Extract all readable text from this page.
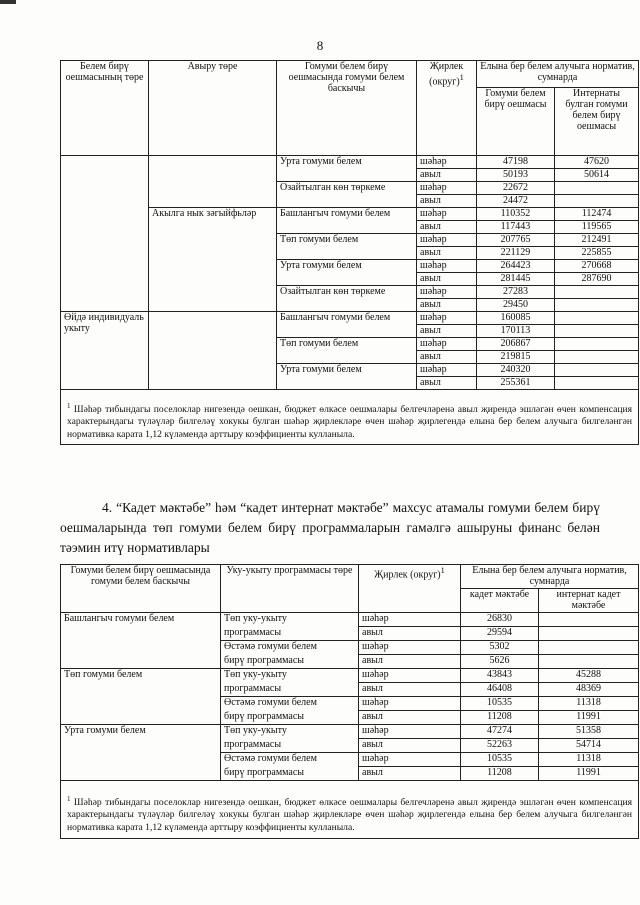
8
Белем бирү оешмасының төре	Авыру төре	Гомуми белем бирү оешмасында гомуми белем баскычы	Җирлек (округ)$^1$	Елына бер белем алучыга норматив, сумнарда	
				Гомуми белем бирү оешмасы	Интернаты булган гомуми белем бирү оешмасы
		Урта гомуми белем	шәһәр	47198	47620
			авыл	50193	50614
		Озайтылган көн төркеме	шәһәр	22672	
			авыл	24472	
	Акылга нык зәгыйфьләр	Башлангыч гомуми белем	шәһәр	110352	112474
			авыл	117443	119565
		Төп гомуми белем	шәһәр	207765	212491
			авыл	221129	225855
		Урта гомуми белем	шәһәр	264423	270668
			авыл	281445	287690
		Озайтылган көн төркеме	шәһәр	27283	
			авыл	29450	
Өйдә индивидуаль укыту		Башлангыч гомуми белем	шәһәр	160085	
			авыл	170113	
		Төп гомуми белем	шәһәр	206867	
			авыл	219815	
		Урта гомуми белем	шәһәр	240320	
			авыл	255361	

$^1$ Шәһәр тибындагы поселоклар нигезендә оешкан, бюджет өлкәсе оешмалары белгечләренә авыл җирендә эшләгән өчен компенсация характерындагы түләүләр билгеләү хокукы булган шәһәр җирлекләре өчен шәһәр җирлегендә елына бер белем алучыга билгеләнгән нормативка карата 1,12 күләмендә арттыру коэффициенты кулланыла.					
4. “Кадет мәктәбе” һәм “кадет интернат мәктәбе” махсус атамалы гомуми белем бирү оешмаларында төп гомуми белем бирү программаларын гамәлгә ашыруны финанс белән тәэмин итү нормативлары
Гомуми белем бирү оешмасында гомуми белем баскычы	Уку-укыту программасы төре	Җирлек (округ)$^1$	Елына бер белем алучыга норматив, сумнарда	
			кадет мәктәбе	интернат кадет мәктәбе
Башлангыч гомуми белем	Төп уку-укыту	шәһәр	26830	
	программасы	авыл	29594	
	Өстәмә гомуми белем	шәһәр	5302	
	бирү программасы	авыл	5626	
Төп гомуми белем	Төп уку-укыту	шәһәр	43843	45288
	программасы	авыл	46408	48369
	Өстәмә гомуми белем	шәһәр	10535	11318
	бирү программасы	авыл	11208	11991
Урта гомуми белем	Төп уку-укыту	шәһәр	47274	51358
	программасы	авыл	52263	54714
	Өстәмә гомуми белем	шәһәр	10535	11318
	бирү программасы	авыл	11208	11991

$^1$ Шәһәр тибындагы поселоклар нигезендә оешкан, бюджет өлкәсе оешмалары белгечләренә авыл җирендә эшләгән өчен компенсация характерындагы түләүләр билгеләү хокукы булган шәһәр җирлекләре өчен шәһәр җирлегендә елына бер белем алучыга билгеләнгән нормативка карата 1,12 күләмендә арттыру коэффициенты кулланыла.				
